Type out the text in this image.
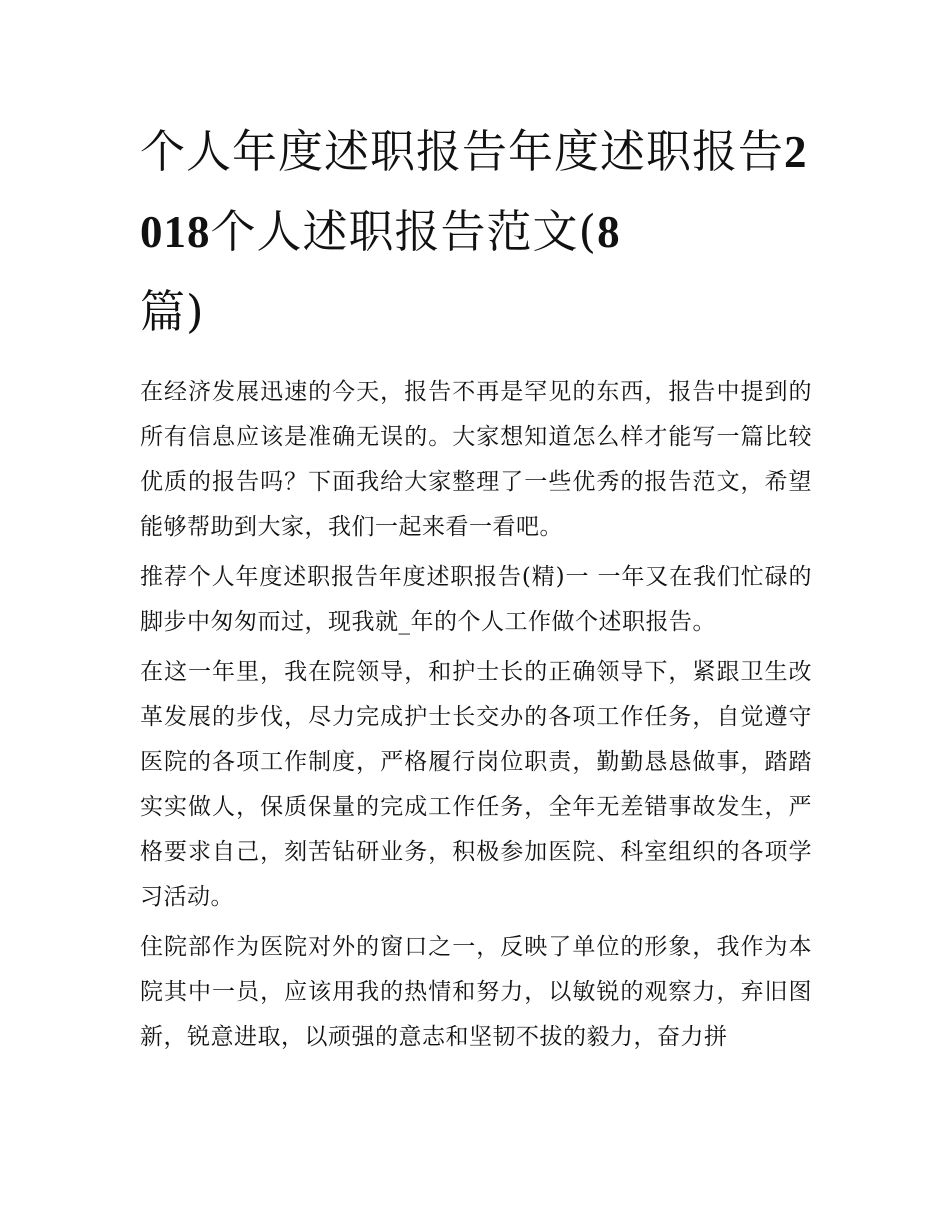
个人年度述职报告年度述职报告2018个人述职报告范文(8
篇)

在经济发展迅速的今天，报告不再是罕见的东西，报告中提到的所有信息应该是准确无误的。大家想知道怎么样才能写一篇比较优质的报告吗？下面我给大家整理了一些优秀的报告范文，希望能够帮助到大家，我们一起来看一看吧。

推荐个人年度述职报告年度述职报告(精)一 一年又在我们忙碌的脚步中匆匆而过，现我就_年的个人工作做个述职报告。

在这一年里，我在院领导，和护士长的正确领导下，紧跟卫生改革发展的步伐，尽力完成护士长交办的各项工作任务，自觉遵守医院的各项工作制度，严格履行岗位职责，勤勤恳恳做事，踏踏实实做人，保质保量的完成工作任务，全年无差错事故发生，严格要求自己，刻苦钻研业务，积极参加医院、科室组织的各项学习活动。

住院部作为医院对外的窗口之一，反映了单位的形象，我作为本院其中一员，应该用我的热情和努力，以敏锐的观察力，弃旧图新，锐意进取，以顽强的意志和坚韧不拔的毅力，奋力拼
